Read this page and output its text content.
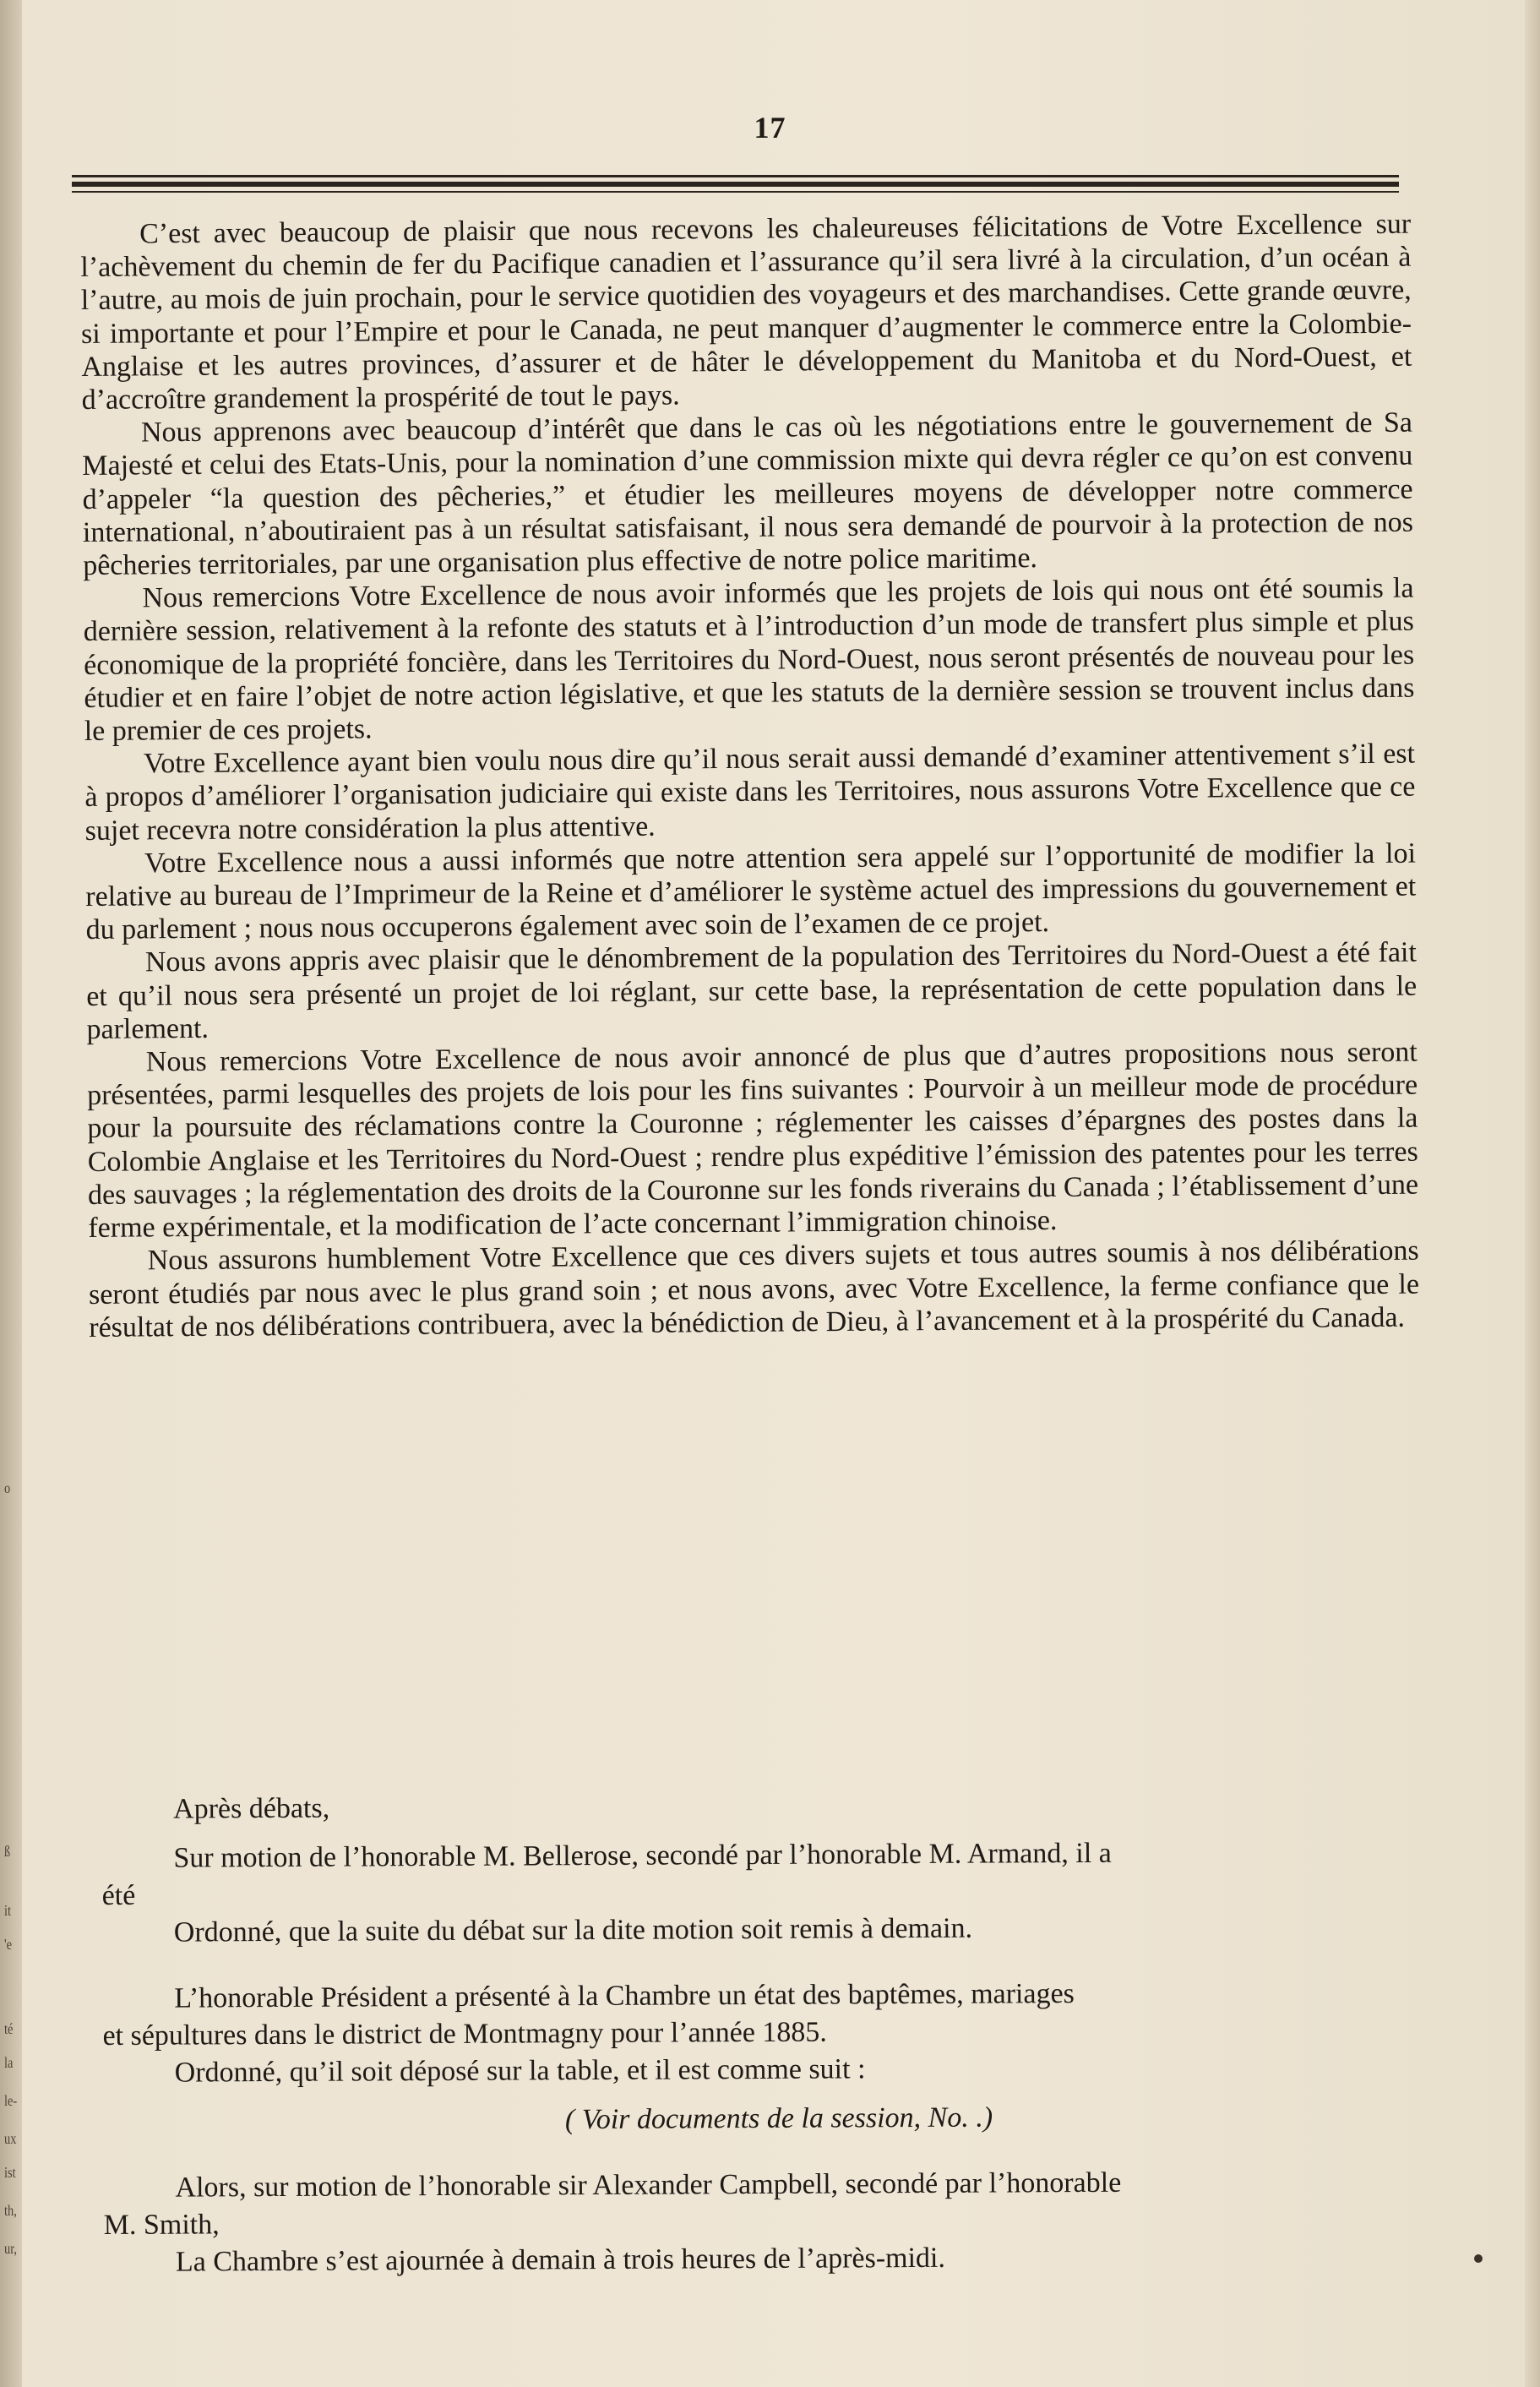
o
ß
it
'e
té
la
le-
ux
ist
th,
ur,
17

C’est avec beaucoup de plaisir que nous recevons les chaleureuses félicitations de Votre Excellence sur l’achèvement du chemin de fer du Pacifique canadien et l’assurance qu’il sera livré à la circulation, d’un océan à l’autre, au mois de juin prochain, pour le service quotidien des voyageurs et des marchandises. Cette grande œuvre, si importante et pour l’Empire et pour le Canada, ne peut manquer d’augmenter le commerce entre la Colombie-Anglaise et les autres provinces, d’assurer et de hâter le développement du Manitoba et du Nord-Ouest, et d’accroître grandement la prospérité de tout le pays.

Nous apprenons avec beaucoup d’intérêt que dans le cas où les négotiations entre le gouvernement de Sa Majesté et celui des Etats-Unis, pour la nomination d’une commission mixte qui devra régler ce qu’on est convenu d’appeler “la question des pêcheries,” et étudier les meilleures moyens de développer notre commerce international, n’aboutiraient pas à un résultat satisfaisant, il nous sera demandé de pourvoir à la protection de nos pêcheries territoriales, par une organisation plus effective de notre police maritime.

Nous remercions Votre Excellence de nous avoir informés que les projets de lois qui nous ont été soumis la dernière session, relativement à la refonte des statuts et à l’introduction d’un mode de transfert plus simple et plus économique de la propriété foncière, dans les Territoires du Nord-Ouest, nous seront présentés de nouveau pour les étudier et en faire l’objet de notre action législative, et que les statuts de la dernière session se trouvent inclus dans le premier de ces projets.

Votre Excellence ayant bien voulu nous dire qu’il nous serait aussi demandé d’examiner attentivement s’il est à propos d’améliorer l’organisation judiciaire qui existe dans les Territoires, nous assurons Votre Excellence que ce sujet recevra notre considération la plus attentive.

Votre Excellence nous a aussi informés que notre attention sera appelé sur l’opportunité de modifier la loi relative au bureau de l’Imprimeur de la Reine et d’améliorer le système actuel des impressions du gouvernement et du parlement ; nous nous occuperons également avec soin de l’examen de ce projet.

Nous avons appris avec plaisir que le dénombrement de la population des Territoires du Nord-Ouest a été fait et qu’il nous sera présenté un projet de loi réglant, sur cette base, la représentation de cette population dans le parlement.

Nous remercions Votre Excellence de nous avoir annoncé de plus que d’autres propositions nous seront présentées, parmi lesquelles des projets de lois pour les fins suivantes : Pourvoir à un meilleur mode de procédure pour la poursuite des réclamations contre la Couronne ; réglementer les caisses d’épargnes des postes dans la Colombie Anglaise et les Territoires du Nord-Ouest ; rendre plus expéditive l’émission des patentes pour les terres des sauvages ; la réglementation des droits de la Couronne sur les fonds riverains du Canada ; l’établissement d’une ferme expérimentale, et la modification de l’acte concernant l’immigration chinoise.

Nous assurons humblement Votre Excellence que ces divers sujets et tous autres soumis à nos délibérations seront étudiés par nous avec le plus grand soin ; et nous avons, avec Votre Excellence, la ferme confiance que le résultat de nos délibérations contribuera, avec la bénédiction de Dieu, à l’avancement et à la prospérité du Canada.

Après débats,

Sur motion de l’honorable M. Bellerose, secondé par l’honorable M. Armand, il a

été

Ordonné, que la suite du débat sur la dite motion soit remis à demain.

L’honorable Président a présenté à la Chambre un état des baptêmes, mariages

et sépultures dans le district de Montmagny pour l’année 1885.

Ordonné, qu’il soit déposé sur la table, et il est comme suit :

( Voir documents de la session, No. .)

Alors, sur motion de l’honorable sir Alexander Campbell, secondé par l’honorable

M. Smith,

La Chambre s’est ajournée à demain à trois heures de l’après-midi.
